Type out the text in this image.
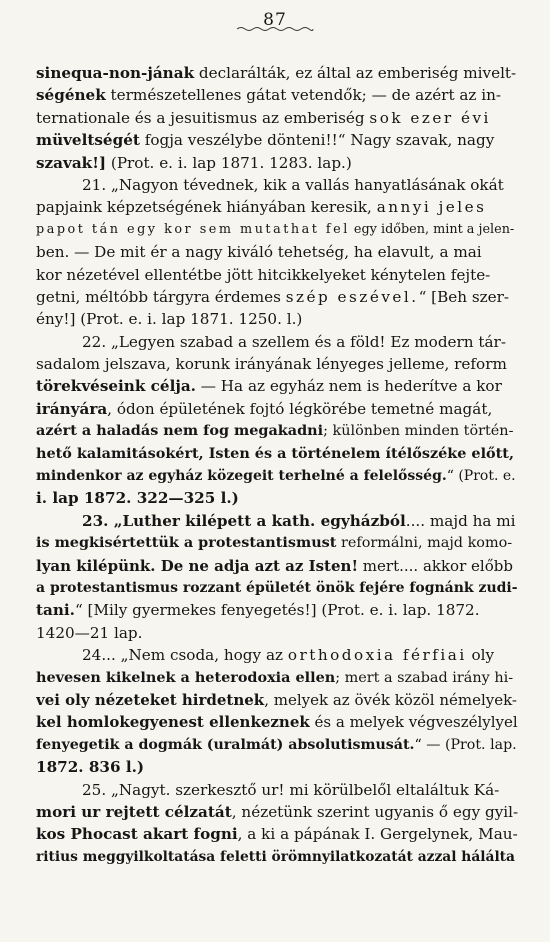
87
sinequa-non-jának declarálták, ez által az emberiség mivelt-
ségének természetellenes gátat vetendők; — de azért az in-
ternationale és a jesuitismus az emberiség sok ezer évi
müveltségét fogja veszélybe dönteni!!“ Nagy szavak, nagy
szavak!] (Prot. e. i. lap 1871. 1283. lap.)
21. „Nagyon tévednek, kik a vallás hanyatlásának okát
papjaink képzetségének hiányában keresik, annyi jeles
papot tán egy kor sem mutathat fel egy időben, mint a jelen-
ben. — De mit ér a nagy kiváló tehetség, ha elavult, a mai
kor nézetével ellentétbe jött hitcikkelyeket kénytelen fejte-
getni, méltóbb tárgyra érdemes szép eszével.“ [Beh szer-
ény!] (Prot. e. i. lap 1871. 1250. l.)
22. „Legyen szabad a szellem és a föld! Ez modern tár-
sadalom jelszava, korunk irányának lényeges jelleme, reform
törekvéseink célja. — Ha az egyház nem is hederítve a kor
irányára, ódon épületének fojtó légkörébe temetné magát,
azért a haladás nem fog megakadni; különben minden történ-
hető kalamitásokért, Isten és a történelem ítélőszéke előtt,
mindenkor az egyház közegeit terhelné a felelősség.“ (Prot. e.
i. lap 1872. 322—325 l.)
23. „Luther kilépett a kath. egyházból.... majd ha mi
is megkisértettük a protestantismust reformálni, majd komo-
lyan kilépünk. De ne adja azt az Isten! mert.... akkor előbb
a protestantismus rozzant épületét önök fejére fognánk zudi-
tani.“ [Mily gyermekes fenyegetés!] (Prot. e. i. lap. 1872.
1420—21 lap.
24... „Nem csoda, hogy az orthodoxia férfiai oly
hevesen kikelnek a heterodoxia ellen; mert a szabad irány hi-
vei oly nézeteket hirdetnek, melyek az övék közöl némelyek-
kel homlokegyenest ellenkeznek és a melyek végveszélylyel
fenyegetik a dogmák (uralmát) absolutismusát.“ — (Prot. lap.
1872. 836 l.)
25. „Nagyt. szerkesztő ur! mi körülbelől eltaláltuk Ká-
mori ur rejtett célzatát, nézetünk szerint ugyanis ő egy gyil-
kos Phocast akart fogni, a ki a pápának I. Gergelynek, Mau-
ritius meggyilkoltatása feletti örömnyilatkozatát azzal hálálta
